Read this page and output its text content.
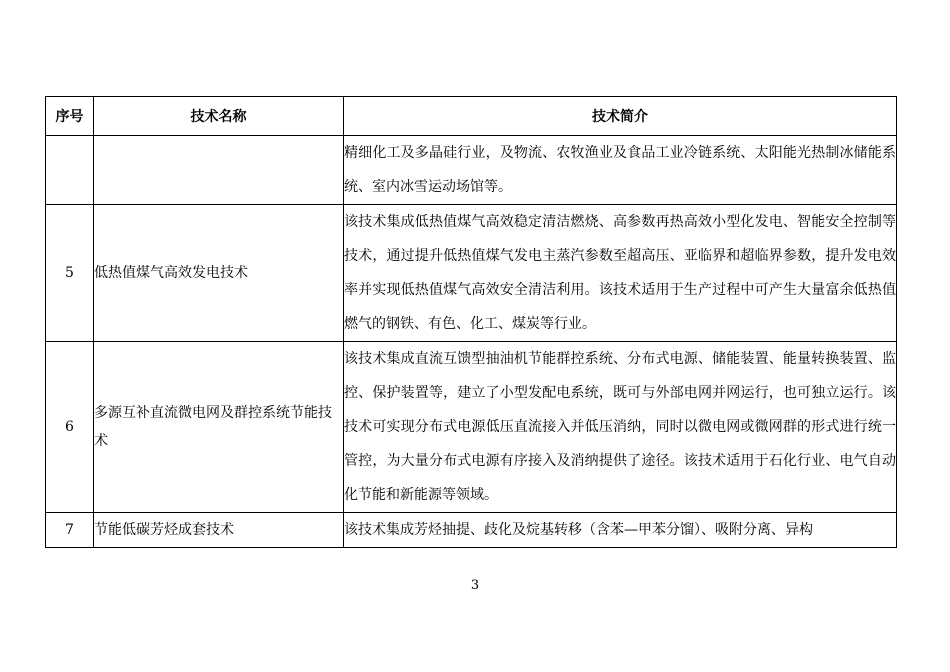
序号	技术名称	技术简介
		精细化工及多晶硅行业，及物流、农牧渔业及食品工业冷链系统、太阳能光热制冰储能系统、室内冰雪运动场馆等。
5	低热值煤气高效发电技术	该技术集成低热值煤气高效稳定清洁燃烧、高参数再热高效小型化发电、智能安全控制等技术，通过提升低热值煤气发电主蒸汽参数至超高压、亚临界和超临界参数，提升发电效率并实现低热值煤气高效安全清洁利用。该技术适用于生产过程中可产生大量富余低热值燃气的钢铁、有色、化工、煤炭等行业。
6	多源互补直流微电网及群控系统节能技术	该技术集成直流互馈型抽油机节能群控系统、分布式电源、储能装置、能量转换装置、监控、保护装置等，建立了小型发配电系统，既可与外部电网并网运行，也可独立运行。该技术可实现分布式电源低压直流接入并低压消纳，同时以微电网或微网群的形式进行统一管控，为大量分布式电源有序接入及消纳提供了途径。该技术适用于石化行业、电气自动化节能和新能源等领域。
7	节能低碳芳烃成套技术	该技术集成芳烃抽提、歧化及烷基转移（含苯—甲苯分馏）、吸附分离、异构
3
